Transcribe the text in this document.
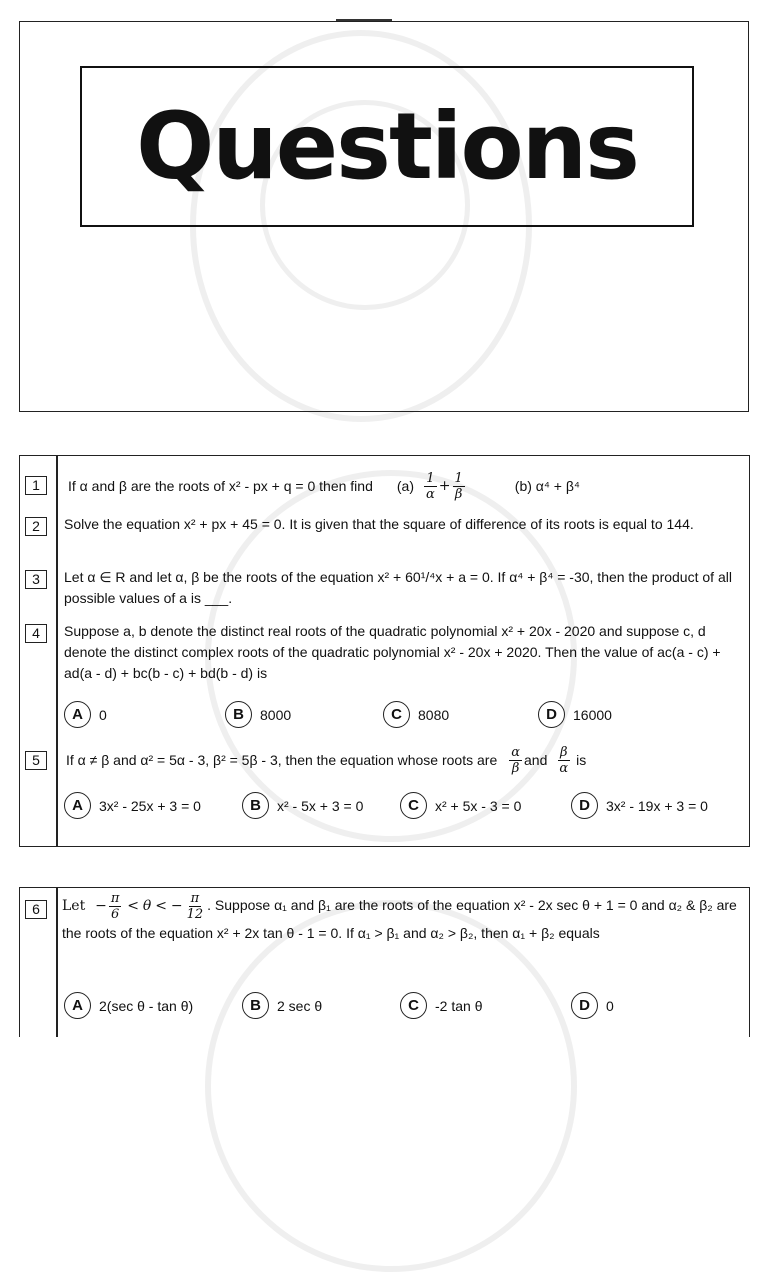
Questions
1	If α and β are the roots of x² - px + q = 0 then find $(a) \frac{1}{\alpha} + \frac{1}{\beta}$	(b) α⁴ + β⁴
2	Solve the equation x² + px + 45 = 0. It is given that the square of difference of its roots is equal to 144.
3	Let α ∈ R and let α, β be the roots of the equation x² + 60¹/⁴x + a = 0. If α⁴ + β⁴ = -30, then the product of all possible values of a is ___.
4	Suppose a, b denote the distinct real roots of the quadratic polynomial x² + 20x - 2020 and suppose c, d denote the distinct complex roots of the quadratic polynomial x² - 20x + 2020. Then the value of ac(a - c) + ad(a - d) + bc(b - c) + bd(b - d) is
A	0	B	8000	C	8080	D	16000
5	If α ≠ β and α² = 5α - 3, β² = 5β - 3, then the equation whose roots are $\frac{\alpha}{\beta}$ and $\frac{\beta}{\alpha}$ is
A	3x² - 25x + 3 = 0	B	x² - 5x + 3 = 0	C	x² + 5x - 3 = 0	D	3x² - 19x + 3 = 0
6	Let − $\frac{\pi}{6} < \theta$ < − $\frac{\pi}{12}$ . Suppose α₁ and β₁ are the roots of the equation x² - 2x sec θ + 1 = 0 and α₂ & β₂ are the roots of the equation x² + 2x tan θ - 1 = 0. If α₁ > β₁ and α₂ > β₂, then α₁ + β₂ equals
A	2(sec θ - tan θ)	B	2 sec θ	C	-2 tan θ	D	0
